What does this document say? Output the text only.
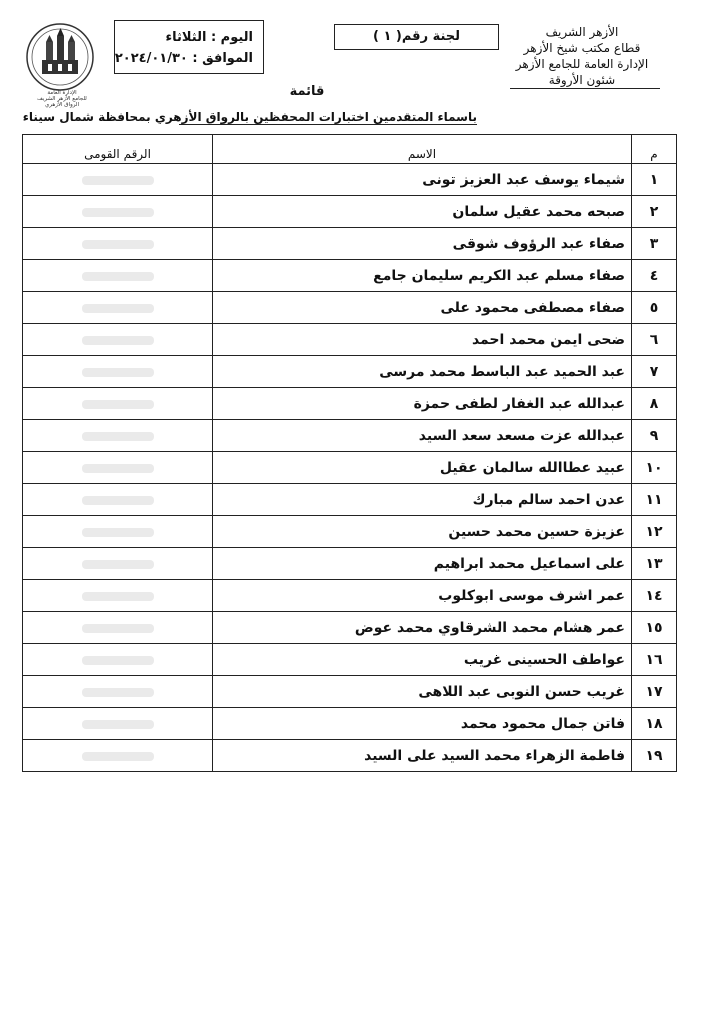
الأزهر الشريف
قطاع مكتب شيخ الأزهر
الإدارة العامة للجامع الأزهر
شئون الأروقة
لجنة رقم( ١ )
اليوم : الثلاثاء
الموافق : ٢٠٢٤/٠١/٣٠
الإدارة العامة
للجامع الأزهر الشريف
الرواق الأزهري
قائمة
باسماء المتقدمين اختبارات المحفظين بالرواق الأزهري بمحافظة شمال سيناء
م	الاسم	الرقم القومى
١	شيماء يوسف عبد العزيز تونى	
٢	صبحه محمد عقيل سلمان	
٣	صفاء عبد الرؤوف شوقى	
٤	صفاء مسلم عبد الكريم سليمان جامع	
٥	صفاء مصطفى محمود على	
٦	ضحى ايمن محمد احمد	
٧	عبد الحميد عبد الباسط محمد مرسى	
٨	عبدالله عبد الغفار لطفى حمزة	
٩	عبدالله عزت مسعد سعد السيد	
١٠	عبيد عطاالله سالمان عقيل	
١١	عدن احمد سالم مبارك	
١٢	عزيزة حسين محمد حسين	
١٣	على اسماعيل محمد ابراهيم	
١٤	عمر اشرف موسى ابوكلوب	
١٥	عمر هشام محمد الشرقاوي محمد عوض	
١٦	عواطف الحسينى غريب	
١٧	غريب حسن النوبى عبد اللاهى	
١٨	فاتن جمال محمود محمد	
١٩	فاطمة الزهراء محمد السيد على السيد	
